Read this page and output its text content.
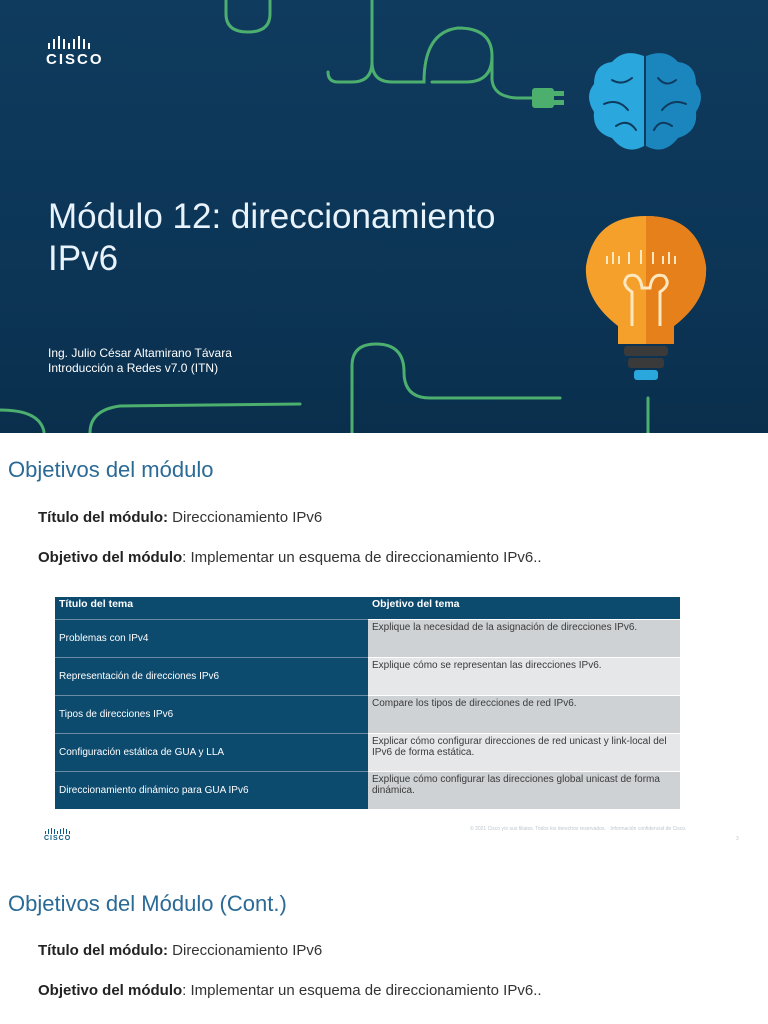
CISCO
Módulo 12: direccionamiento IPv6
Ing. Julio César Altamirano Távara
Introducción a Redes v7.0 (ITN)
Objetivos del módulo
Título del módulo: Direccionamiento IPv6
Objetivo del módulo: Implementar un esquema de direccionamiento IPv6..
Título del tema	Objetivo del tema
Problemas con IPv4	Explique la necesidad de la asignación de direcciones IPv6.
Representación de direcciones IPv6	Explique cómo se representan las direcciones IPv6.
Tipos de direcciones IPv6	Compare los tipos de direcciones de red IPv6.
Configuración estática de GUA y LLA	Explicar cómo configurar direcciones de red unicast y link-local del IPv6 de forma estática.
Direccionamiento dinámico para GUA IPv6	Explique cómo configurar las direcciones global unicast de forma dinámica.
CISCO
© 2021 Cisco y/o sus filiales. Todos los derechos reservados. · Información confidencial de Cisco.
3
Objetivos del Módulo (Cont.)
Título del módulo: Direccionamiento IPv6
Objetivo del módulo: Implementar un esquema de direccionamiento IPv6..
